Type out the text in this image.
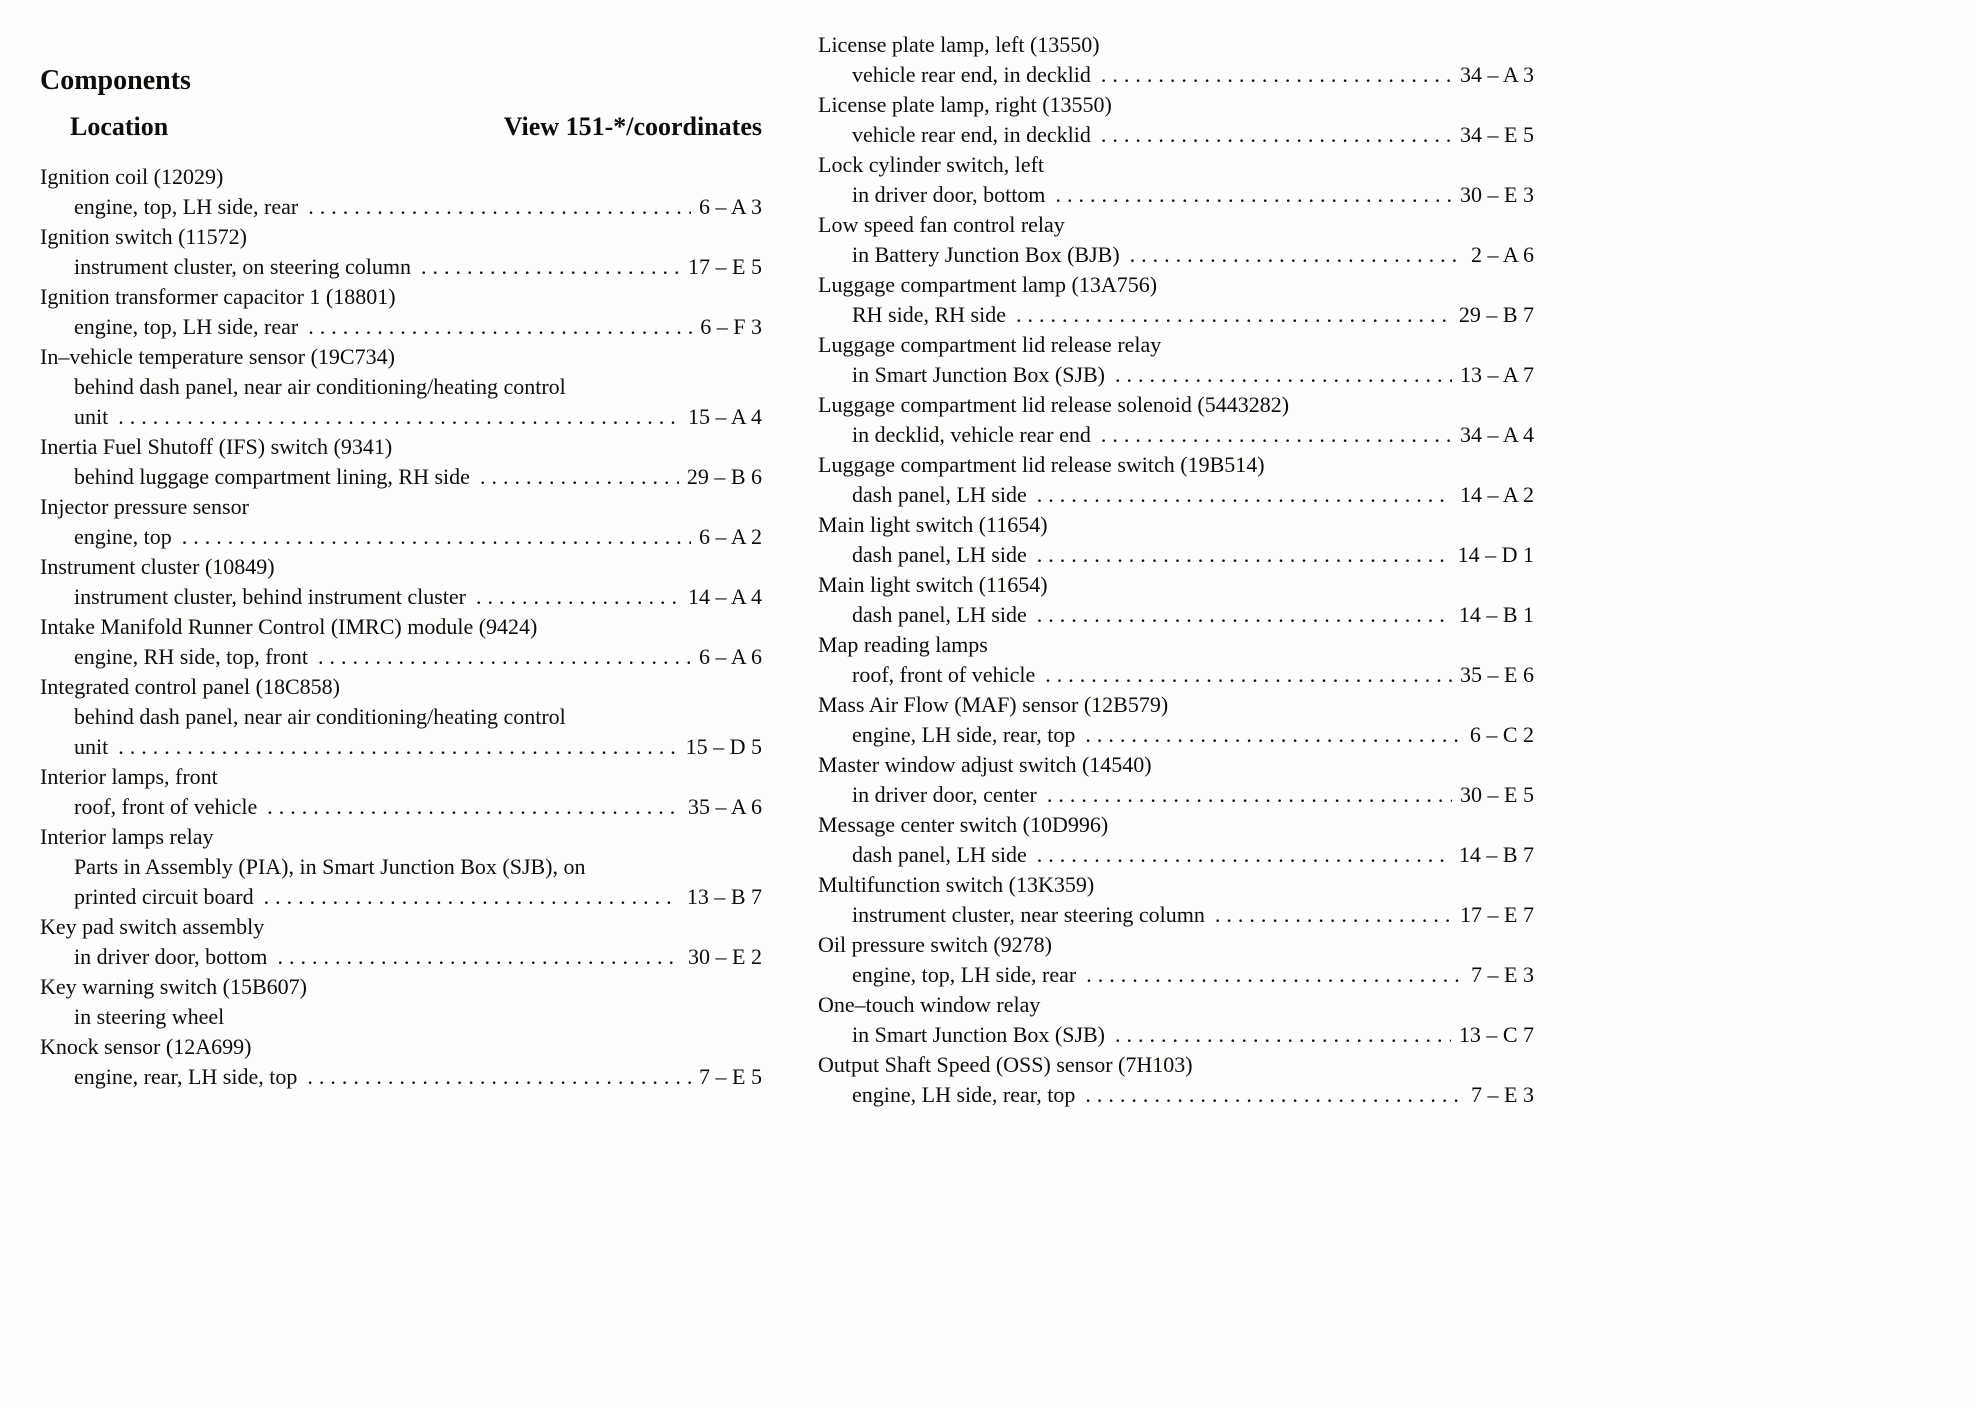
Components
Location	View 151-*/coordinates
Ignition coil (12029)
engine, top, LH side, rear .....	6 – A 3
Ignition switch (11572)
instrument cluster, on steering column .....	17 – E 5
Ignition transformer capacitor 1 (18801)
engine, top, LH side, rear .....	6 – F 3
In–vehicle temperature sensor (19C734)
behind dash panel, near air conditioning/heating control
unit .....	15 – A 4
Inertia Fuel Shutoff (IFS) switch (9341)
behind luggage compartment lining, RH side .....	29 – B 6
Injector pressure sensor
engine, top .....	6 – A 2
Instrument cluster (10849)
instrument cluster, behind instrument cluster .....	14 – A 4
Intake Manifold Runner Control (IMRC) module (9424)
engine, RH side, top, front .....	6 – A 6
Integrated control panel (18C858)
behind dash panel, near air conditioning/heating control
unit .....	15 – D 5
Interior lamps, front
roof, front of vehicle .....	35 – A 6
Interior lamps relay
Parts in Assembly (PIA), in Smart Junction Box (SJB), on
printed circuit board .....	13 – B 7
Key pad switch assembly
in driver door, bottom .....	30 – E 2
Key warning switch (15B607)
in steering wheel
Knock sensor (12A699)
engine, rear, LH side, top .....	7 – E 5
License plate lamp, left (13550)
vehicle rear end, in decklid .....	34 – A 3
License plate lamp, right (13550)
vehicle rear end, in decklid .....	34 – E 5
Lock cylinder switch, left
in driver door, bottom .....	30 – E 3
Low speed fan control relay
in Battery Junction Box (BJB) .....	2 – A 6
Luggage compartment lamp (13A756)
RH side, RH side .....	29 – B 7
Luggage compartment lid release relay
in Smart Junction Box (SJB) .....	13 – A 7
Luggage compartment lid release solenoid (5443282)
in decklid, vehicle rear end .....	34 – A 4
Luggage compartment lid release switch (19B514)
dash panel, LH side .....	14 – A 2
Main light switch (11654)
dash panel, LH side .....	14 – D 1
Main light switch (11654)
dash panel, LH side .....	14 – B 1
Map reading lamps
roof, front of vehicle .....	35 – E 6
Mass Air Flow (MAF) sensor (12B579)
engine, LH side, rear, top .....	6 – C 2
Master window adjust switch (14540)
in driver door, center .....	30 – E 5
Message center switch (10D996)
dash panel, LH side .....	14 – B 7
Multifunction switch (13K359)
instrument cluster, near steering column .....	17 – E 7
Oil pressure switch (9278)
engine, top, LH side, rear .....	7 – E 3
One–touch window relay
in Smart Junction Box (SJB) .....	13 – C 7
Output Shaft Speed (OSS) sensor (7H103)
engine, LH side, rear, top .....	7 – E 3
